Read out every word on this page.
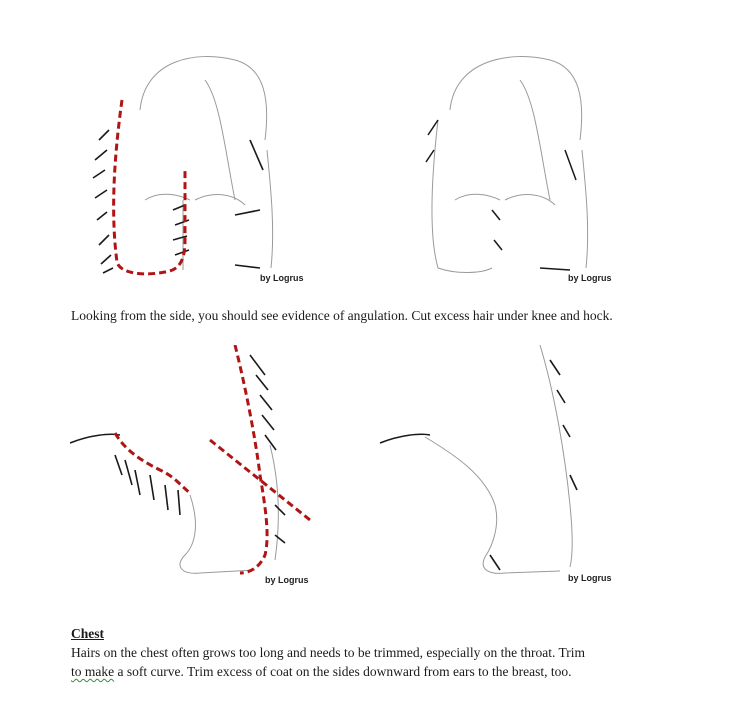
by Logrus	by Logrus
Looking from the side, you should see evidence of angulation. Cut excess hair under knee and hock.
by Logrus	by Logrus
Chest
Hairs on the chest often grows too long and needs to be trimmed, especially on the throat. Trim
to make a soft curve. Trim excess of coat on the sides downward from ears to the breast, too.
